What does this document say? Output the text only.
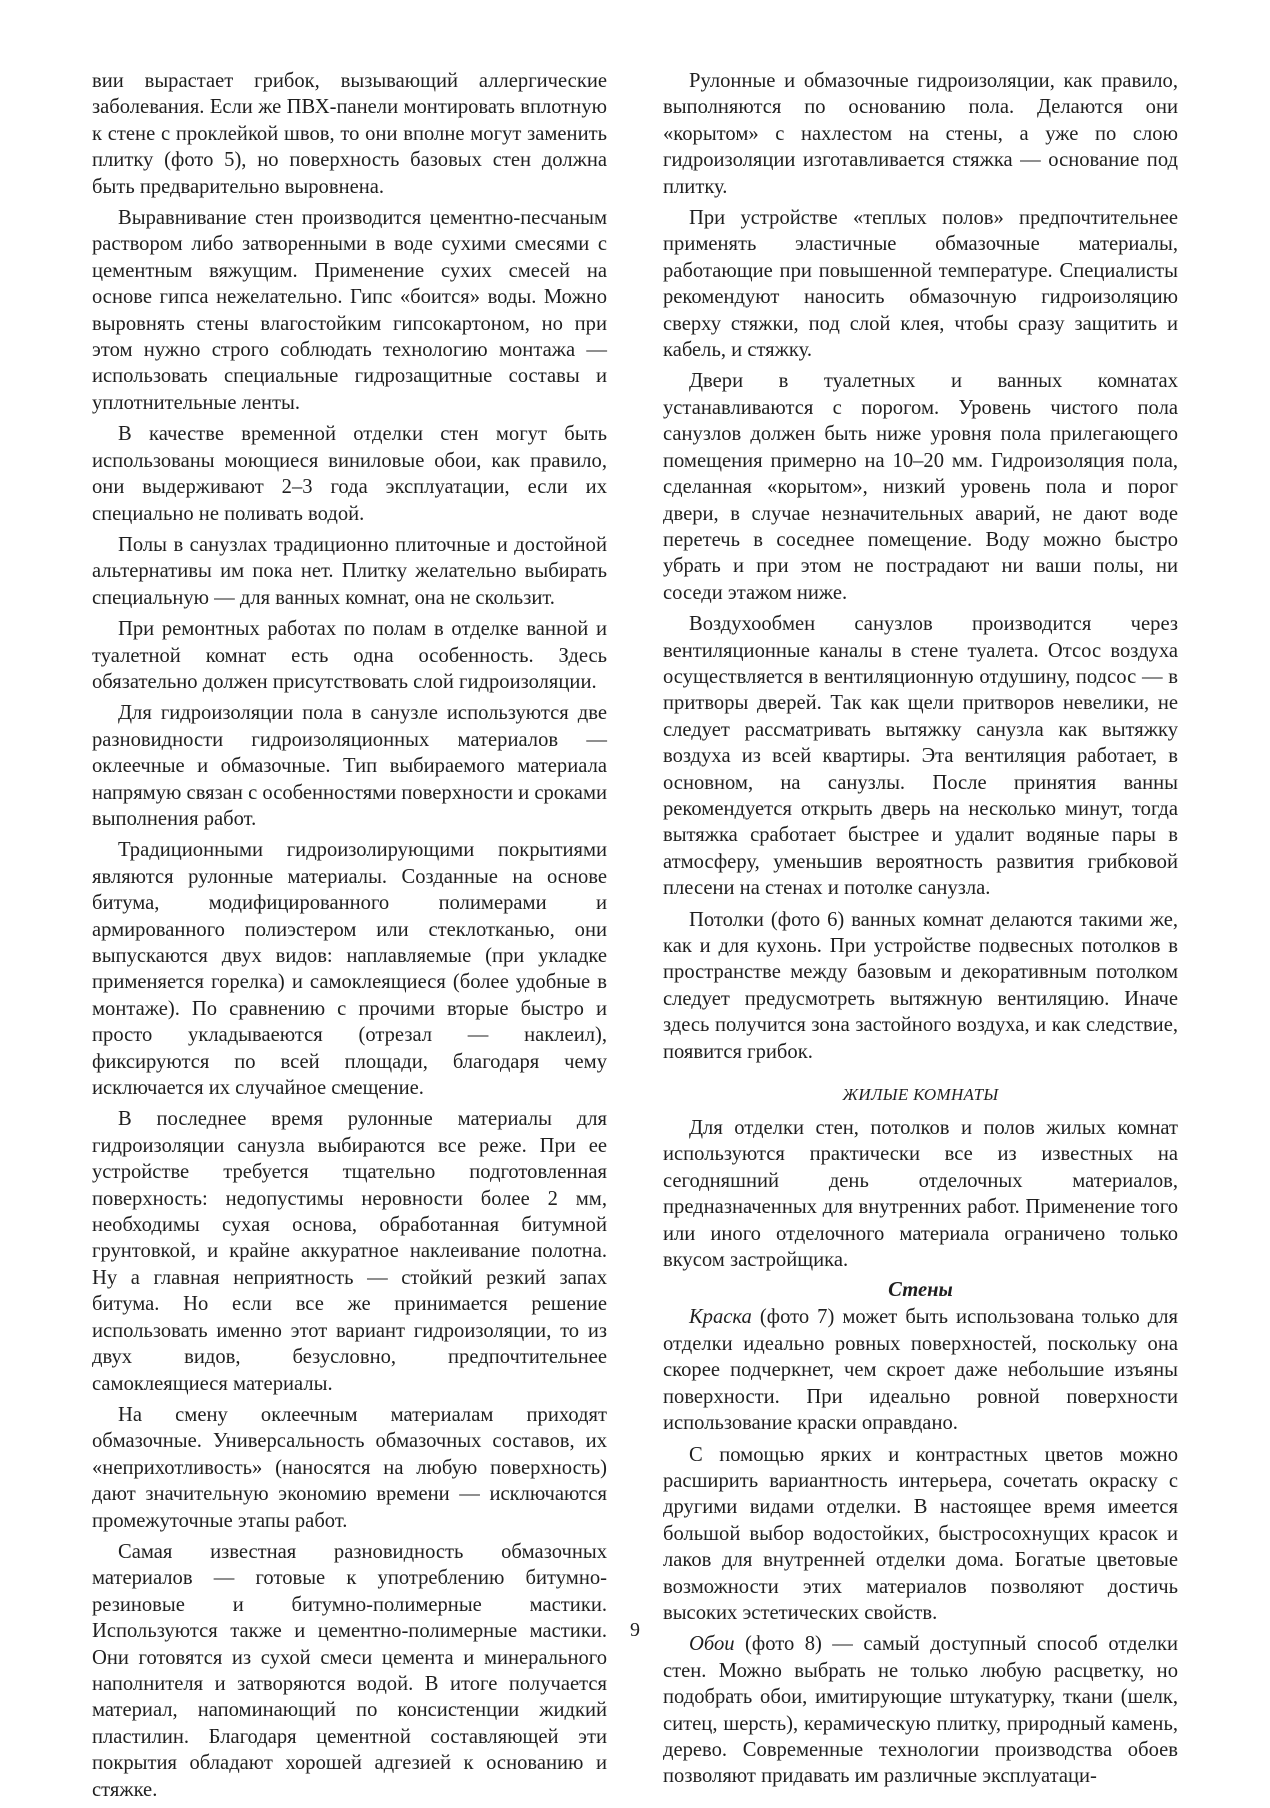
вии вырастает грибок, вызывающий аллергические заболевания. Если же ПВХ-панели монтировать вплотную к стене с проклейкой швов, то они вполне могут заменить плитку (фото 5), но поверхность базовых стен должна быть предварительно выровнена.

Выравнивание стен производится цементно-песчаным раствором либо затворенными в воде сухими смесями с цементным вяжущим. Применение сухих смесей на основе гипса нежелательно. Гипс «боится» воды. Можно выровнять стены влагостойким гипсокартоном, но при этом нужно строго соблюдать технологию монтажа — использовать специальные гидрозащитные составы и уплотнительные ленты.

В качестве временной отделки стен могут быть использованы моющиеся виниловые обои, как правило, они выдерживают 2–3 года эксплуатации, если их специально не поливать водой.

Полы в санузлах традиционно плиточные и достойной альтернативы им пока нет. Плитку желательно выбирать специальную — для ванных комнат, она не скользит.

При ремонтных работах по полам в отделке ванной и туалетной комнат есть одна особенность. Здесь обязательно должен присутствовать слой гидроизоляции.

Для гидроизоляции пола в санузле используются две разновидности гидроизоляционных материалов — оклеечные и обмазочные. Тип выбираемого материала напрямую связан с особенностями поверхности и сроками выполнения работ.

Традиционными гидроизолирующими покрытиями являются рулонные материалы. Созданные на основе битума, модифицированного полимерами и армированного полиэстером или стеклотканью, они выпускаются двух видов: наплавляемые (при укладке применяется горелка) и самоклеящиеся (более удобные в монтаже). По сравнению с прочими вторые быстро и просто укладываеются (отрезал — наклеил), фиксируются по всей площади, благодаря чему исключается их случайное смещение.

В последнее время рулонные материалы для гидроизоляции санузла выбираются все реже. При ее устройстве требуется тщательно подготовленная поверхность: недопустимы неровности более 2 мм, необходимы сухая основа, обработанная битумной грунтовкой, и крайне аккуратное наклеивание полотна. Ну а главная неприятность — стойкий резкий запах битума. Но если все же принимается решение использовать именно этот вариант гидроизоляции, то из двух видов, безусловно, предпочтительнее самоклеящиеся материалы.

На смену оклеечным материалам приходят обмазочные. Универсальность обмазочных составов, их «неприхотливость» (наносятся на любую поверхность) дают значительную экономию времени — исключаются промежуточные этапы работ.

Самая известная разновидность обмазочных материалов — готовые к употреблению битумно-резиновые и битумно-полимерные мастики. Используются также и цементно-полимерные мастики. Они готовятся из сухой смеси цемента и минерального наполнителя и затворяются водой. В итоге получается материал, напоминающий по консистенции жидкий пластилин. Благодаря цементной составляющей эти покрытия обладают хорошей адгезией к основанию и стяжке.

Рулонные и обмазочные гидроизоляции, как правило, выполняются по основанию пола. Делаются они «корытом» с нахлестом на стены, а уже по слою гидроизоляции изготавливается стяжка — основание под плитку.

При устройстве «теплых полов» предпочтительнее применять эластичные обмазочные материалы, работающие при повышенной температуре. Специалисты рекомендуют наносить обмазочную гидроизоляцию сверху стяжки, под слой клея, чтобы сразу защитить и кабель, и стяжку.

Двери в туалетных и ванных комнатах устанавливаются с порогом. Уровень чистого пола санузлов должен быть ниже уровня пола прилегающего помещения примерно на 10–20 мм. Гидроизоляция пола, сделанная «корытом», низкий уровень пола и порог двери, в случае незначительных аварий, не дают воде перетечь в соседнее помещение. Воду можно быстро убрать и при этом не пострадают ни ваши полы, ни соседи этажом ниже.

Воздухообмен санузлов производится через вентиляционные каналы в стене туалета. Отсос воздуха осуществляется в вентиляционную отдушину, подсос — в притворы дверей. Так как щели притворов невелики, не следует рассматривать вытяжку санузла как вытяжку воздуха из всей квартиры. Эта вентиляция работает, в основном, на санузлы. После принятия ванны рекомендуется открыть дверь на несколько минут, тогда вытяжка сработает быстрее и удалит водяные пары в атмосферу, уменьшив вероятность развития грибковой плесени на стенах и потолке санузла.

Потолки (фото 6) ванных комнат делаются такими же, как и для кухонь. При устройстве подвесных потолков в пространстве между базовым и декоративным потолком следует предусмотреть вытяжную вентиляцию. Иначе здесь получится зона застойного воздуха, и как следствие, появится грибок.

ЖИЛЫЕ КОМНАТЫ

Для отделки стен, потолков и полов жилых комнат используются практически все из известных на сегодняшний день отделочных материалов, предназначенных для внутренних работ. Применение того или иного отделочного материала ограничено только вкусом застройщика.

Стены

Краска (фото 7) может быть использована только для отделки идеально ровных поверхностей, поскольку она скорее подчеркнет, чем скроет даже небольшие изъяны поверхности. При идеально ровной поверхности использование краски оправдано.

С помощью ярких и контрастных цветов можно расширить вариантность интерьера, сочетать окраску с другими видами отделки. В настоящее время имеется большой выбор водостойких, быстросохнущих красок и лаков для внутренней отделки дома. Богатые цветовые возможности этих материалов позволяют достичь высоких эстетических свойств.

Обои (фото 8) — самый доступный способ отделки стен. Можно выбрать не только любую расцветку, но подобрать обои, имитирующие штукатурку, ткани (шелк, ситец, шерсть), керамическую плитку, природный камень, дерево. Современные технологии производства обоев позволяют придавать им различные эксплуатаци-

9
